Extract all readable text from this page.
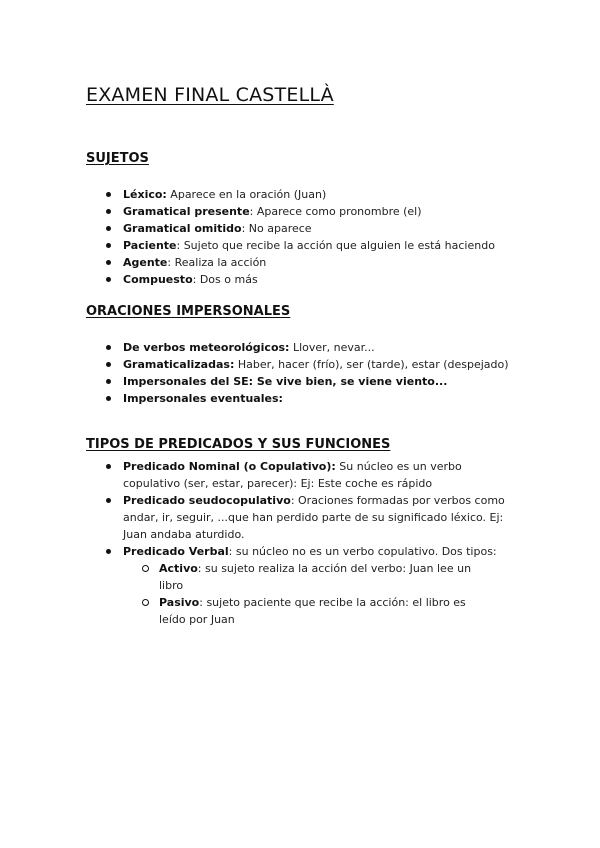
EXAMEN FINAL CASTELLÀ
SUJETOS
Léxico: Aparece en la oración (Juan)
Gramatical presente: Aparece como pronombre (el)
Gramatical omitido: No aparece
Paciente: Sujeto que recibe la acción que alguien le está haciendo
Agente: Realiza la acción
Compuesto: Dos o más
ORACIONES IMPERSONALES
De verbos meteorológicos: Llover, nevar...
Gramaticalizadas: Haber, hacer (frío), ser (tarde), estar (despejado)
Impersonales del SE: Se vive bien, se viene viento...
Impersonales eventuales:
TIPOS DE PREDICADOS Y SUS FUNCIONES
Predicado Nominal (o Copulativo): Su núcleo es un verbo copulativo (ser, estar, parecer): Ej: Este coche es rápido
Predicado seudocopulativo: Oraciones formadas por verbos como andar, ir, seguir, ...que han perdido parte de su significado léxico. Ej: Juan andaba aturdido.
Predicado Verbal: su núcleo no es un verbo copulativo. Dos tipos:
Activo: su sujeto realiza la acción del verbo: Juan lee un libro
Pasivo: sujeto paciente que recibe la acción: el libro es leído por Juan
